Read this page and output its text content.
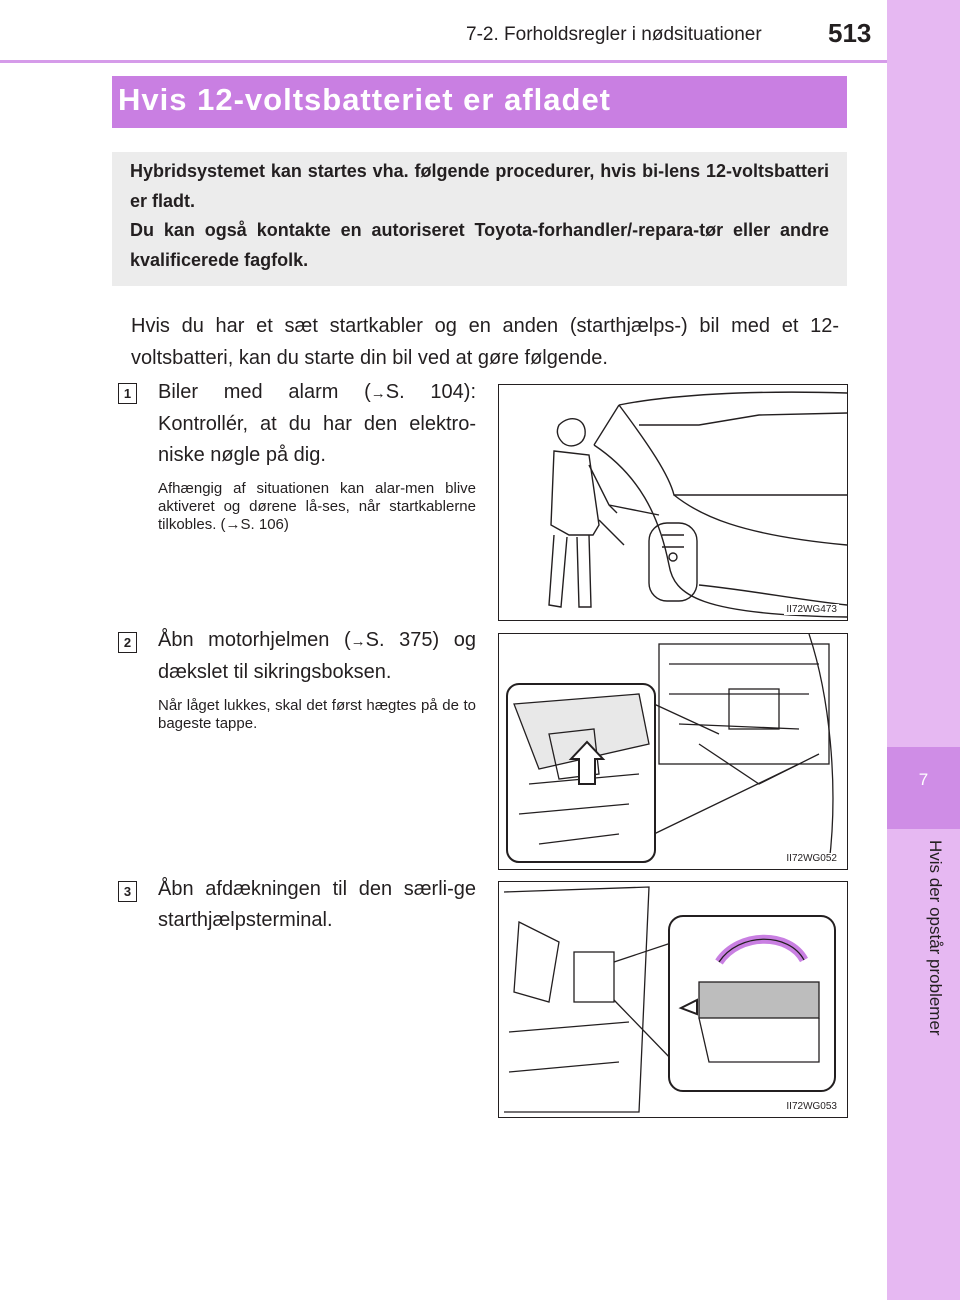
7
Hvis der opstår problemer
7-2. Forholdsregler i nødsituationer	513
Hvis 12-voltsbatteriet er afladet
Hybridsystemet kan startes vha. følgende procedurer, hvis bi-lens 12-voltsbatteri er fladt.
Du kan også kontakte en autoriseret Toyota-forhandler/-repara-tør eller andre kvalificerede fagfolk.
Hvis du har et sæt startkabler og en anden (starthjælps-) bil med et 12-voltsbatteri, kan du starte din bil ved at gøre følgende.
1 Biler med alarm (→S. 104): Kontrollér, at du har den elektro-niske nøgle på dig.
Afhængig af situationen kan alar-men blive aktiveret og dørene lå-ses, når startkablerne tilkobles. (→S. 106)
II72WG473
2 Åbn motorhjelmen (→S. 375) og dækslet til sikringsboksen.
Når låget lukkes, skal det først hægtes på de to bageste tappe.
II72WG052
3 Åbn afdækningen til den særli-ge starthjælpsterminal.
II72WG053
